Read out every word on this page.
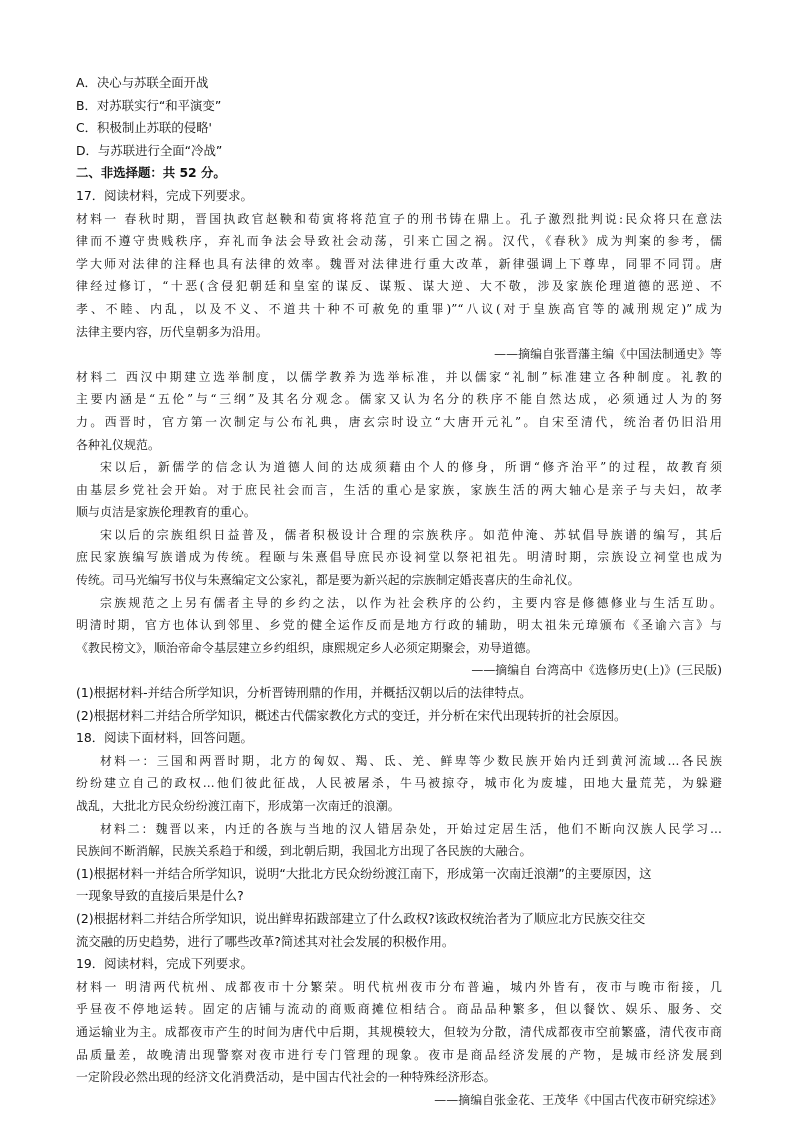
A．决心与苏联全面开战
B．对苏联实行“和平演变”
C．积极制止苏联的侵略'
D．与苏联进行全面“冷战”
二、非选择题：共 52 分。
17．阅读材料，完成下列要求。
材料一 春秋时期，晋国执政官赵鞅和荀寅将将范宣子的刑书铸在鼎上。孔子激烈批判说:民众将只在意法
律而不遵守贵贱秩序，弃礼而争法会导致社会动荡，引来亡国之祸。汉代，《春秋》成为判案的参考，儒
学大师对法律的注释也具有法律的效率。魏晋对法律进行重大改革，新律强调上下尊卑，同罪不同罚。唐
律经过修订，“十恶(含侵犯朝廷和皇室的谋反、谋叛、谋大逆、大不敬，涉及家族伦理道德的恶逆、不
孝、不睦、内乱，以及不义、不道共十种不可赦免的重罪)”“八议(对于皇族高官等的减刑规定)”成为
法律主要内容，历代皇朝多为沿用。
——摘编自张晋藩主编《中国法制通史》等
材料二 西汉中期建立选举制度，以儒学教养为选举标准，并以儒家“礼制”标准建立各种制度。礼教的
主要内涵是“五伦”与“三纲”及其名分观念。儒家又认为名分的秩序不能自然达成，必须通过人为的努
力。西晋时，官方第一次制定与公布礼典，唐玄宗时设立“大唐开元礼”。自宋至清代，统治者仍旧沿用
各种礼仪规范。
宋以后，新儒学的信念认为道德人间的达成须藉由个人的修身，所谓“修齐治平”的过程，故教育须
由基层乡党社会开始。对于庶民社会而言，生活的重心是家族，家族生活的两大轴心是亲子与夫妇，故孝
顺与贞洁是家族伦理教育的重心。
宋以后的宗族组织日益普及，儒者积极设计合理的宗族秩序。如范仲淹、苏轼倡导族谱的编写，其后
庶民家族编写族谱成为传统。程颐与朱熹倡导庶民亦设祠堂以祭祀祖先。明清时期，宗族设立祠堂也成为
传统。司马光编写书仪与朱熹编定文公家礼，都是要为新兴起的宗族制定婚丧喜庆的生命礼仪。
宗族规范之上另有儒者主导的乡约之法，以作为社会秩序的公约，主要内容是修德修业与生活互助。
明清时期，官方也体认到邻里、乡党的健全运作反而是地方行政的辅助，明太祖朱元璋颁布《圣谕六言》与
《教民榜文》，顺治帝命令基层建立乡约组织，康熙规定乡人必须定期聚会，劝导道德。
——摘编自 台湾高中《选修历史(上)》(三民版)
(1)根据材料-并结合所学知识，分析晋铸刑鼎的作用，并概括汉朝以后的法律特点。
(2)根据材料二并结合所学知识，概述古代儒家教化方式的变迁，并分析在宋代出现转折的社会原因。
18．阅读下面材料，回答问题。
材料一：三国和两晋时期，北方的匈奴、羯、氐、羌、鲜卑等少数民族开始内迁到黄河流域…各民族
纷纷建立自己的政权…他们彼此征战，人民被屠杀，牛马被掠夺，城市化为废墟，田地大量荒芜，为躲避
战乱，大批北方民众纷纷渡江南下，形成第一次南迁的浪潮。
材料二：魏晋以来，内迁的各族与当地的汉人错居杂处，开始过定居生活，他们不断向汉族人民学习…
民族间不断消解，民族关系趋于和缓，到北朝后期，我国北方出现了各民族的大融合。
(1)根据材料一并结合所学知识，说明“大批北方民众纷纷渡江南下，形成第一次南迁浪潮”的主要原因，这
一现象导致的直接后果是什么?
(2)根据材料二并结合所学知识，说出鲜卑拓跋部建立了什么政权?该政权统治者为了顺应北方民族交往交
流交融的历史趋势，进行了哪些改革?简述其对社会发展的积极作用。
19．阅读材料，完成下列要求。
材料一 明清两代杭州、成都夜市十分繁荣。明代杭州夜市分布普遍，城内外皆有，夜市与晚市衔接，几
乎昼夜不停地运转。固定的店铺与流动的商贩商摊位相结合。商品品种繁多，但以餐饮、娱乐、服务、交
通运输业为主。成都夜市产生的时间为唐代中后期，其规模较大，但较为分散，清代成都夜市空前繁盛，清代夜市商
品质量差，故晚清出现警察对夜市进行专门管理的现象。夜市是商品经济发展的产物，是城市经济发展到
一定阶段必然出现的经济文化消费活动，是中国古代社会的一种特殊经济形态。
——摘编自张金花、王茂华《中国古代夜市研究综述》
